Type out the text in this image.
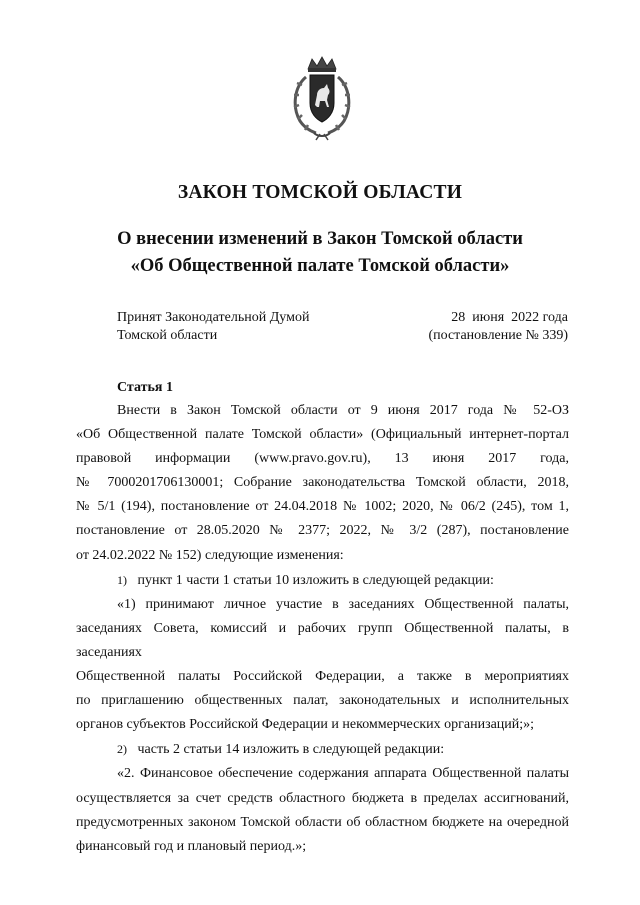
ЗАКОН ТОМСКОЙ ОБЛАСТИ
О внесении изменений в Закон Томской области
«Об Общественной палате Томской области»
Принят Законодательной Думой
Томской области
28  июня  2022 года
(постановление № 339)
Статья 1
Внести в Закон Томской области от 9 июня 2017 года № 52-ОЗ
«Об Общественной палате Томской области» (Официальный интернет-портал
правовой информации (www.pravo.gov.ru), 13 июня 2017 года,
№ 7000201706130001; Собрание законодательства Томской области, 2018,
№ 5/1 (194), постановление от 24.04.2018 № 1002; 2020, № 06/2 (245), том 1,
постановление от 28.05.2020 № 2377; 2022, № 3/2 (287), постановление
от 24.02.2022 № 152) следующие изменения:
1) пункт 1 части 1 статьи 10 изложить в следующей редакции:
«1) принимают личное участие в заседаниях Общественной палаты,
заседаниях Совета, комиссий и рабочих групп Общественной палаты, в заседаниях
Общественной палаты Российской Федерации, а также в мероприятиях
по приглашению общественных палат, законодательных и исполнительных
органов субъектов Российской Федерации и некоммерческих организаций;»;
2) часть 2 статьи 14 изложить в следующей редакции:
«2. Финансовое обеспечение содержания аппарата Общественной палаты
осуществляется за счет средств областного бюджета в пределах ассигнований,
предусмотренных законом Томской области об областном бюджете на очередной
финансовый год и плановый период.»;
